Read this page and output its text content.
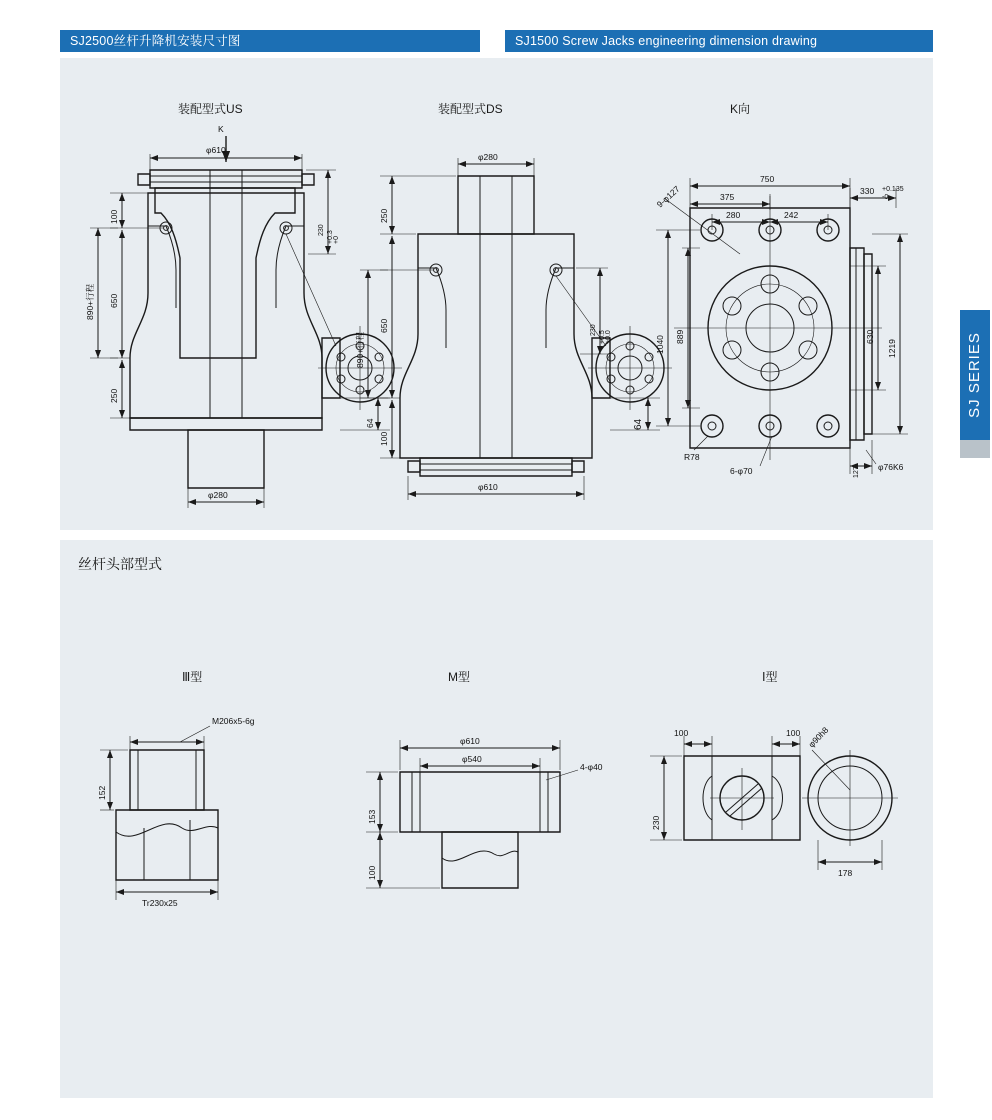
SJ2500丝杆升降机安装尺寸图	SJ1500 Screw Jacks engineering dimension drawing
SJ SERIES
装配型式US	装配型式DS	K向
K
φ610
100
650
250
890+行程
230
+0.3 +0
64
φ280
φ280
250
650
100
890+行程
230
+0.5 +0.0
64
φ610
750
375
280	242
330 +0.135
-0
9-φ127
1040 889	630
1219
R78
6-φ70	127 φ76K6
丝杆头部型式
Ⅲ型	M型	Ⅰ型
M206x5-6g
152
Tr230x25
φ610
φ540
4-φ40
153
100
100	100 φ90h8
230
178
